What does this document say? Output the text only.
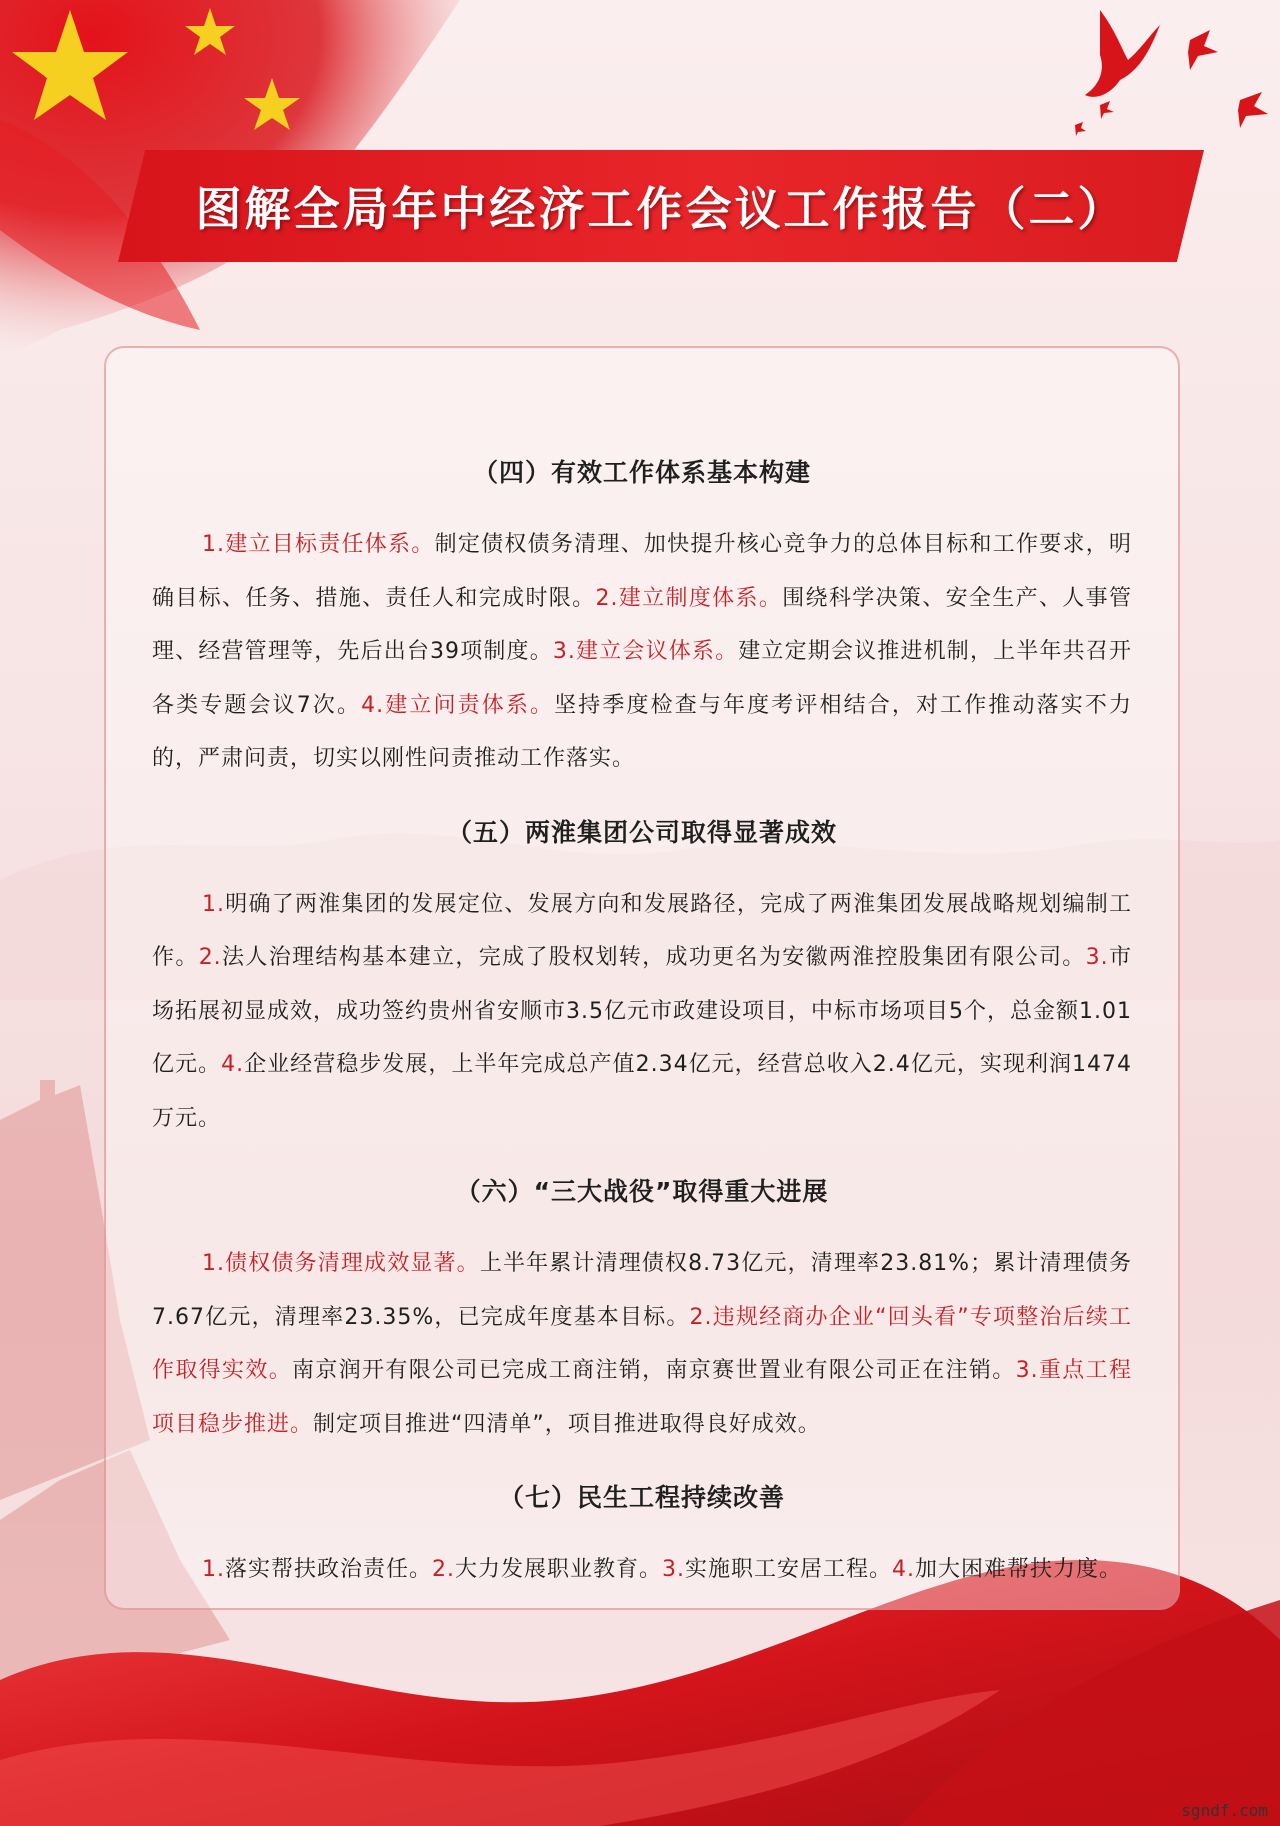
图解全局年中经济工作会议工作报告（二）
（四）有效工作体系基本构建
1.建立目标责任体系。制定债权债务清理、加快提升核心竞争力的总体目标和工作要求，明确目标、任务、措施、责任人和完成时限。2.建立制度体系。围绕科学决策、安全生产、人事管理、经营管理等，先后出台39项制度。3.建立会议体系。建立定期会议推进机制，上半年共召开各类专题会议7次。4.建立问责体系。坚持季度检查与年度考评相结合，对工作推动落实不力的，严肃问责，切实以刚性问责推动工作落实。
（五）两淮集团公司取得显著成效
1.明确了两淮集团的发展定位、发展方向和发展路径，完成了两淮集团发展战略规划编制工作。2.法人治理结构基本建立，完成了股权划转，成功更名为安徽两淮控股集团有限公司。3.市场拓展初显成效，成功签约贵州省安顺市3.5亿元市政建设项目，中标市场项目5个，总金额1.01亿元。4.企业经营稳步发展，上半年完成总产值2.34亿元，经营总收入2.4亿元，实现利润1474万元。
（六）“三大战役”取得重大进展
1.债权债务清理成效显著。上半年累计清理债权8.73亿元，清理率23.81%；累计清理债务7.67亿元，清理率23.35%，已完成年度基本目标。2.违规经商办企业“回头看”专项整治后续工作取得实效。南京润开有限公司已完成工商注销，南京赛世置业有限公司正在注销。3.重点工程项目稳步推进。制定项目推进“四清单”，项目推进取得良好成效。
（七）民生工程持续改善
1.落实帮扶政治责任。2.大力发展职业教育。3.实施职工安居工程。4.加大困难帮扶力度。
sgndf.com
